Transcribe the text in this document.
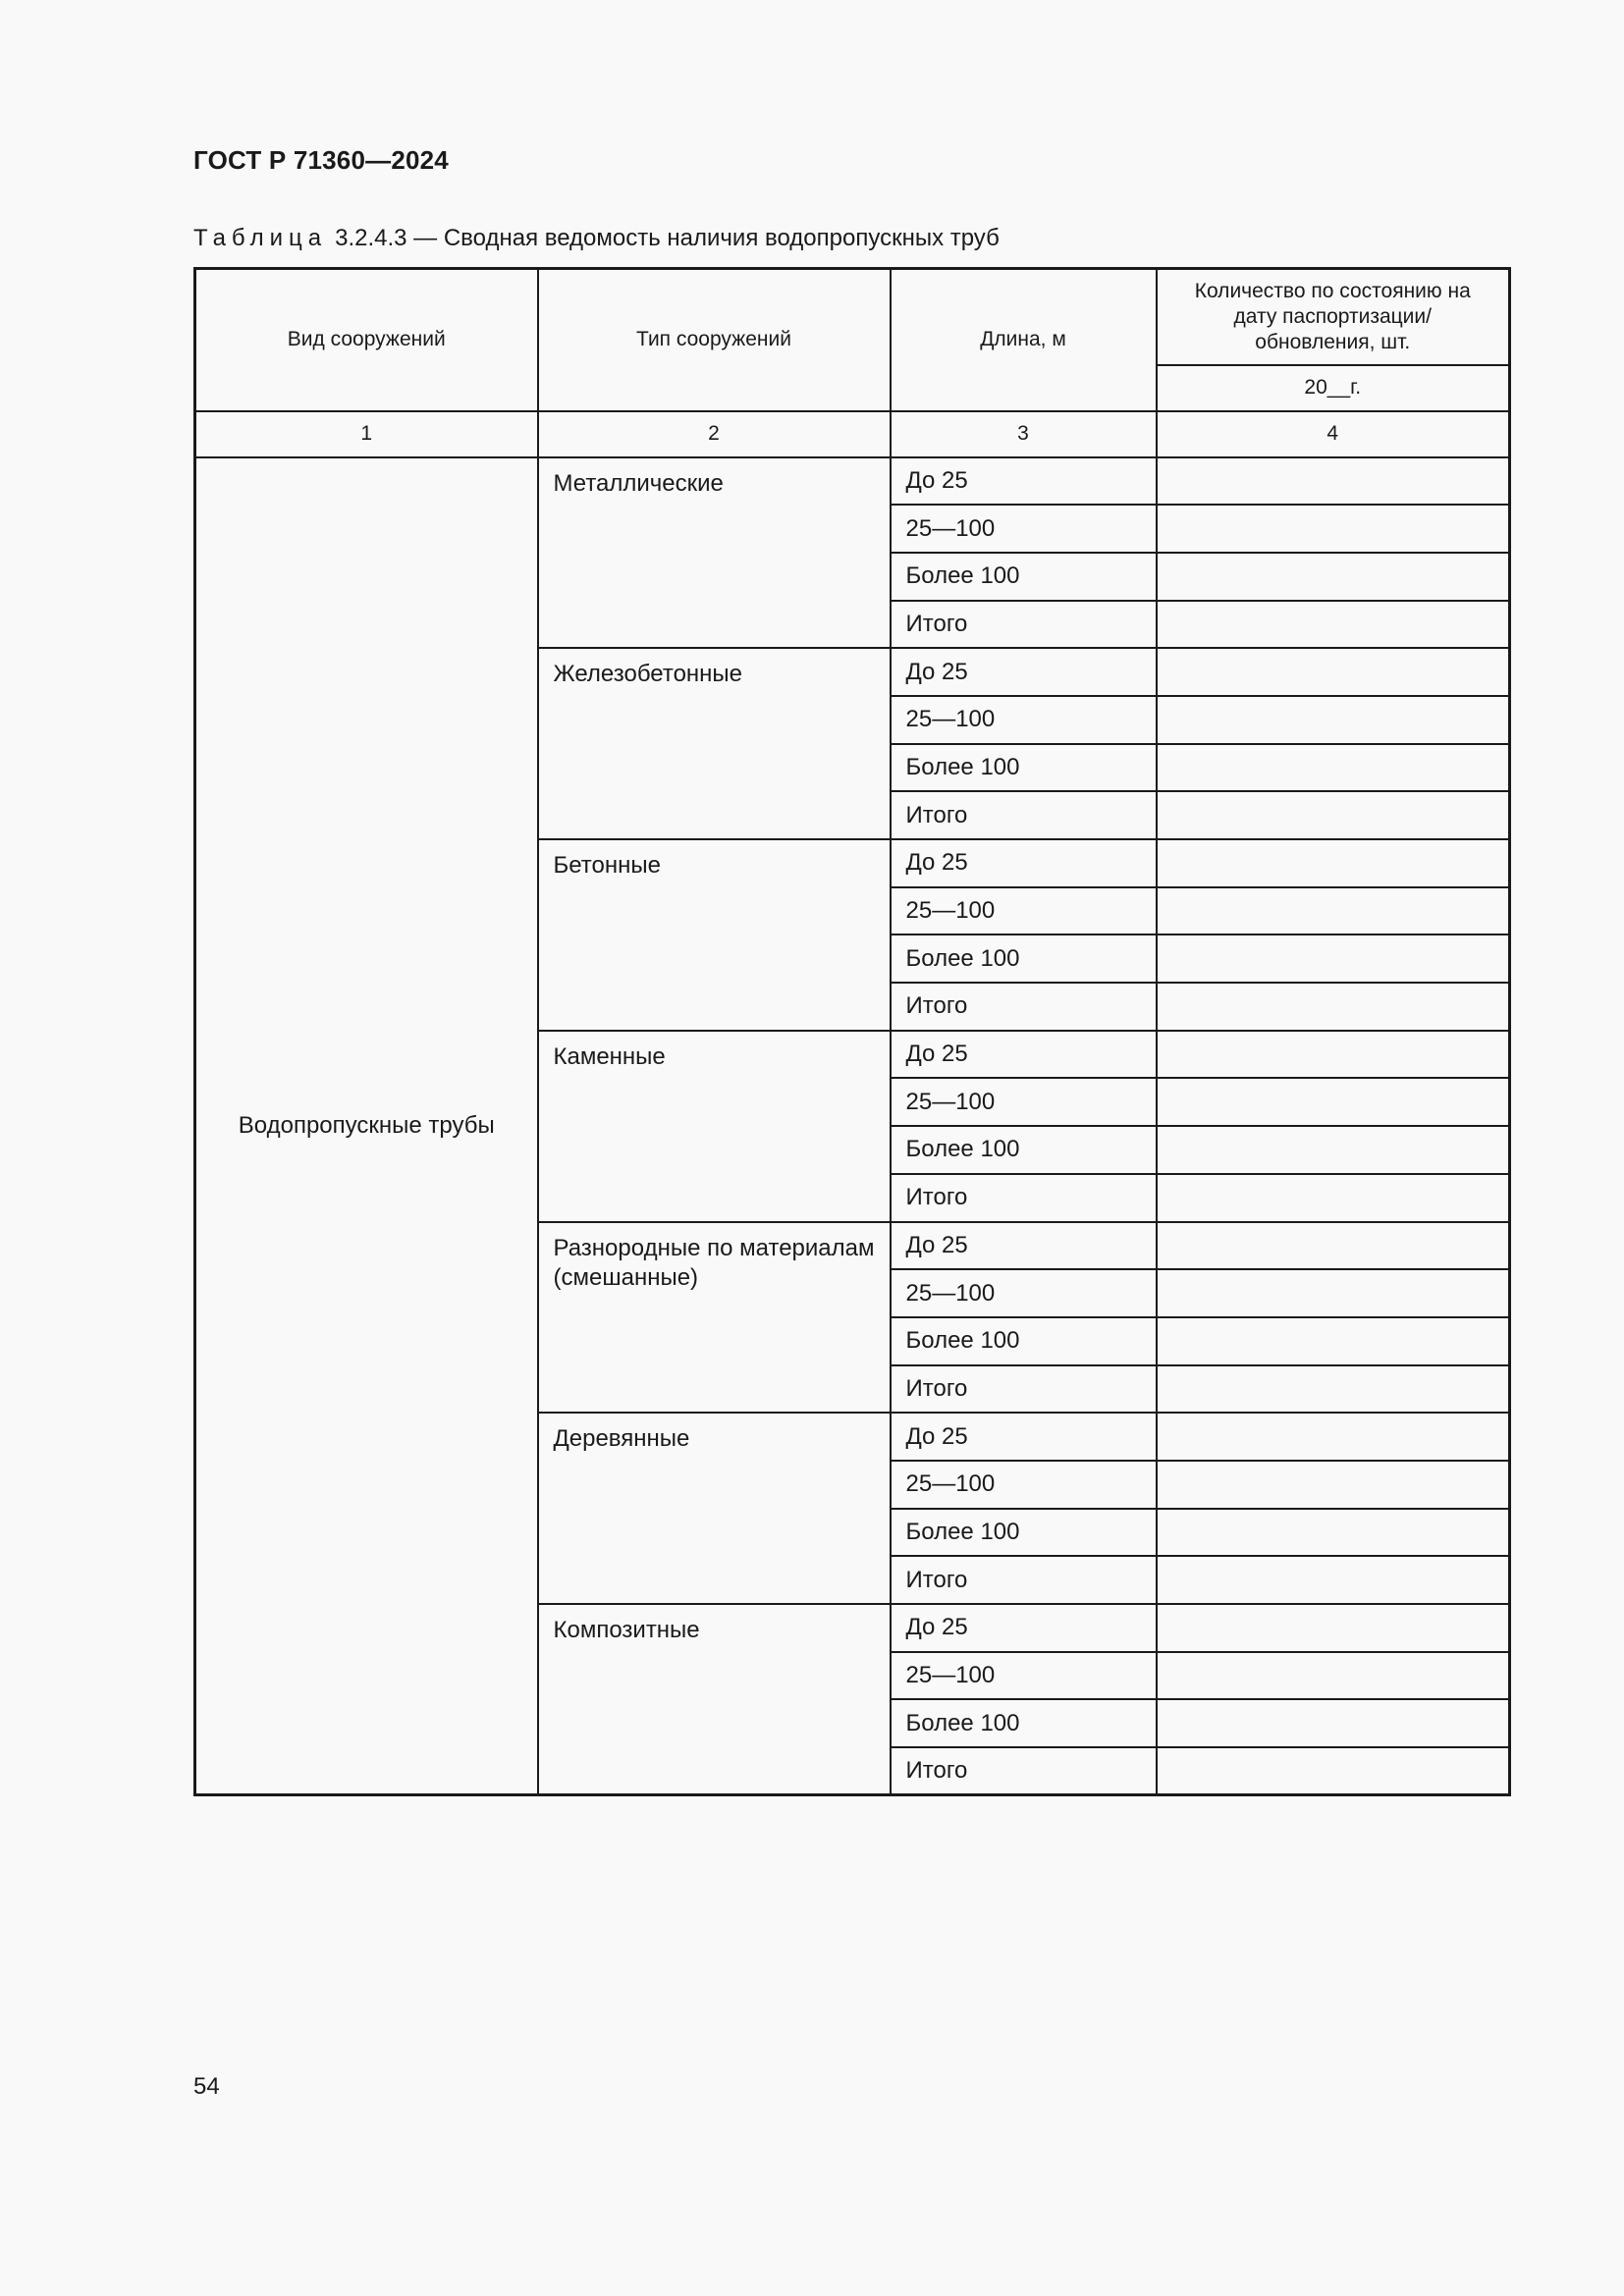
ГОСТ Р 71360—2024
Таблица 3.2.4.3 — Сводная ведомость наличия водопропускных труб
Вид сооружений	Тип сооружений	Длина, м	Количество по состоянию на дату паспортизации/ обновления, шт.
			20__г.
1	2	3	4
Водопропускные трубы	Металлические	До 25	
		25—100	
		Более 100	
		Итого	
	Железобетонные	До 25	
		25—100	
		Более 100	
		Итого	
	Бетонные	До 25	
		25—100	
		Более 100	
		Итого	
	Каменные	До 25	
		25—100	
		Более 100	
		Итого	
	Разнородные по материалам (смешанные)	До 25	
		25—100	
		Более 100	
		Итого	
	Деревянные	До 25	
		25—100	
		Более 100	
		Итого	
	Композитные	До 25	
		25—100	
		Более 100	
		Итого	
54
